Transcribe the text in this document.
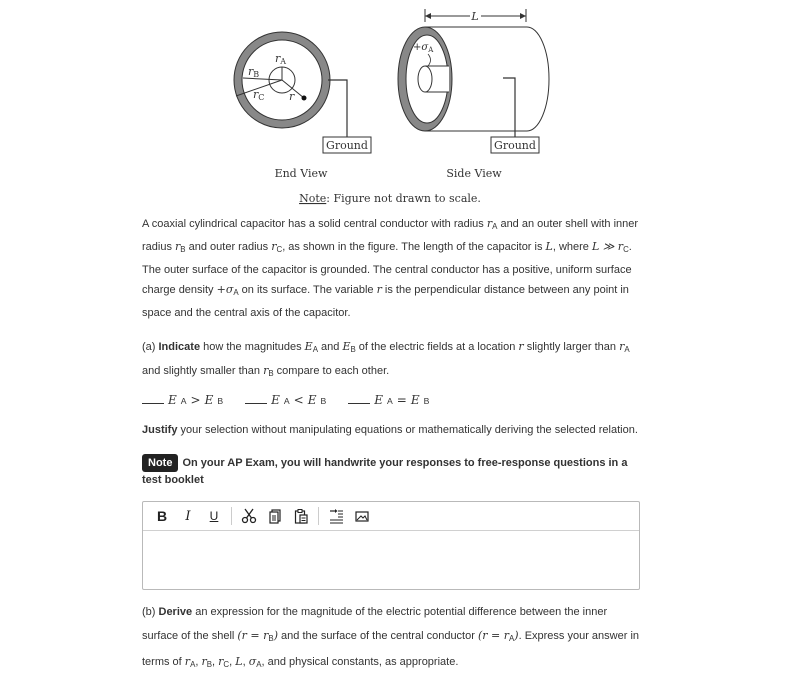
rA
rB
rC r
Ground
L
$+\sigma_A$
Ground
End View	Side View
Note: Figure not drawn to scale.

A coaxial cylindrical capacitor has a solid central conductor with radius $r_A$ and an outer shell with inner radius $r_B$ and outer radius $r_C$, as shown in the figure. The length of the capacitor is L, where L ≫ $r_C$. The outer surface of the capacitor is grounded. The central conductor has a positive, uniform surface charge density $+\sigma_A$ on its surface. The variable r is the perpendicular distance between any point in space and the central axis of the capacitor.

(a) Indicate how the magnitudes $E_A$ and $E_B$ of the electric fields at a location r slightly larger than $r_A$ and slightly smaller than $r_B$ compare to each other.
E A > E B	E A < E B	E A = E B
Justify your selection without manipulating equations or mathematically deriving the selected relation.
Note On your AP Exam, you will handwrite your responses to free-response questions in a test booklet
B	I	U
(b) Derive an expression for the magnitude of the electric potential difference between the inner surface of the shell $(r = r_B)$ and the surface of the central conductor $(r = r_A)$. Express your answer in terms of $r_A$, $r_B$, $r_C$, L, $\sigma_A$, and physical constants, as appropriate.
